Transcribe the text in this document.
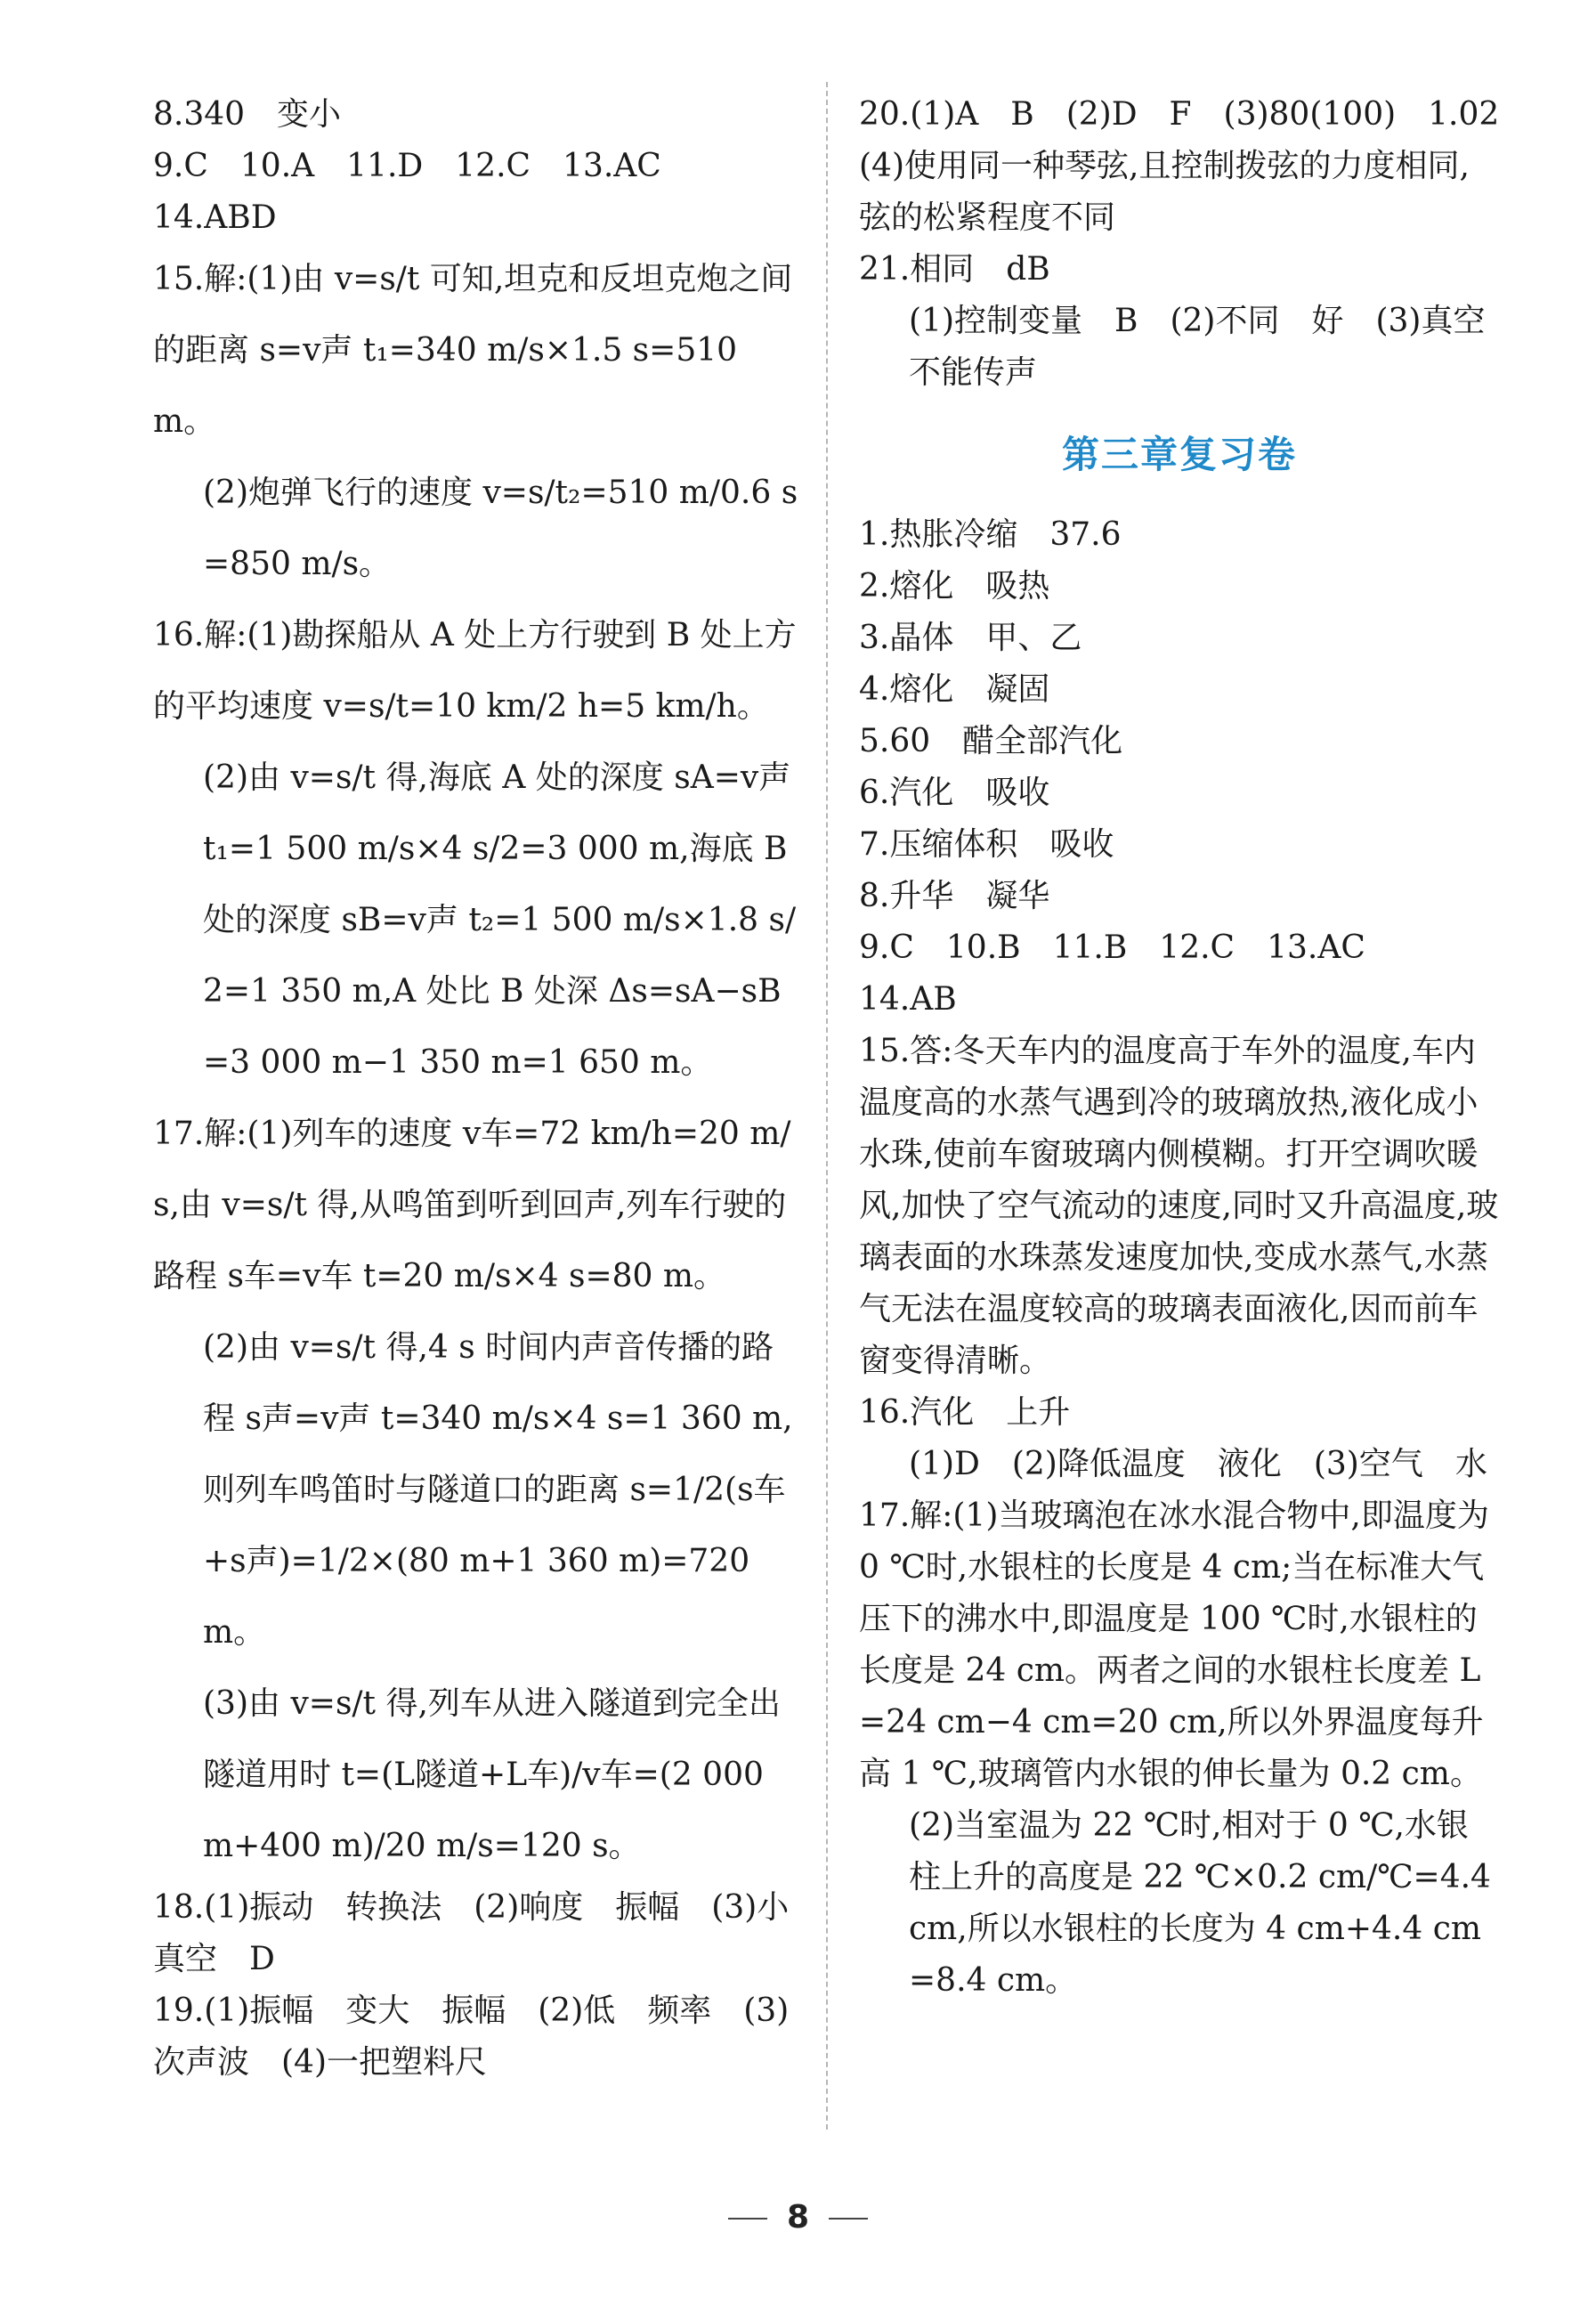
8.340　变小
9.C　10.A　11.D　12.C　13.AC
14.ABD
15.解:(1)由 v=s/t 可知,坦克和反坦克炮之间的距离 s=v声 t₁=340 m/s×1.5 s=510 m。
(2)炮弹飞行的速度 v=s/t₂=510 m/0.6 s=850 m/s。
16.解:(1)勘探船从 A 处上方行驶到 B 处上方的平均速度 v=s/t=10 km/2 h=5 km/h。
(2)由 v=s/t 得,海底 A 处的深度 sA=v声 t₁=1 500 m/s×4 s/2=3 000 m,海底 B 处的深度 sB=v声 t₂=1 500 m/s×1.8 s/2=1 350 m,A 处比 B 处深 Δs=sA−sB=3 000 m−1 350 m=1 650 m。
17.解:(1)列车的速度 v车=72 km/h=20 m/s,由 v=s/t 得,从鸣笛到听到回声,列车行驶的路程 s车=v车 t=20 m/s×4 s=80 m。
(2)由 v=s/t 得,4 s 时间内声音传播的路程 s声=v声 t=340 m/s×4 s=1 360 m,则列车鸣笛时与隧道口的距离 s=1/2(s车+s声)=1/2×(80 m+1 360 m)=720 m。
(3)由 v=s/t 得,列车从进入隧道到完全出隧道用时 t=(L隧道+L车)/v车=(2 000 m+400 m)/20 m/s=120 s。
18.(1)振动　转换法　(2)响度　振幅　(3)小　真空　D
19.(1)振幅　变大　振幅　(2)低　频率　(3)次声波　(4)一把塑料尺
20.(1)A　B　(2)D　F　(3)80(100)　1.02　(4)使用同一种琴弦,且控制拨弦的力度相同,弦的松紧程度不同
21.相同　dB
(1)控制变量　B　(2)不同　好　(3)真空不能传声
第三章复习卷
1.热胀冷缩　37.6
2.熔化　吸热
3.晶体　甲、乙
4.熔化　凝固
5.60　醋全部汽化
6.汽化　吸收
7.压缩体积　吸收
8.升华　凝华
9.C　10.B　11.B　12.C　13.AC
14.AB
15.答:冬天车内的温度高于车外的温度,车内温度高的水蒸气遇到冷的玻璃放热,液化成小水珠,使前车窗玻璃内侧模糊。打开空调吹暖风,加快了空气流动的速度,同时又升高温度,玻璃表面的水珠蒸发速度加快,变成水蒸气,水蒸气无法在温度较高的玻璃表面液化,因而前车窗变得清晰。
16.汽化　上升
(1)D　(2)降低温度　液化　(3)空气　水
17.解:(1)当玻璃泡在冰水混合物中,即温度为 0 ℃时,水银柱的长度是 4 cm;当在标准大气压下的沸水中,即温度是 100 ℃时,水银柱的长度是 24 cm。两者之间的水银柱长度差 L=24 cm−4 cm=20 cm,所以外界温度每升高 1 ℃,玻璃管内水银的伸长量为 0.2 cm。
(2)当室温为 22 ℃时,相对于 0 ℃,水银柱上升的高度是 22 ℃×0.2 cm/℃=4.4 cm,所以水银柱的长度为 4 cm+4.4 cm=8.4 cm。
8
